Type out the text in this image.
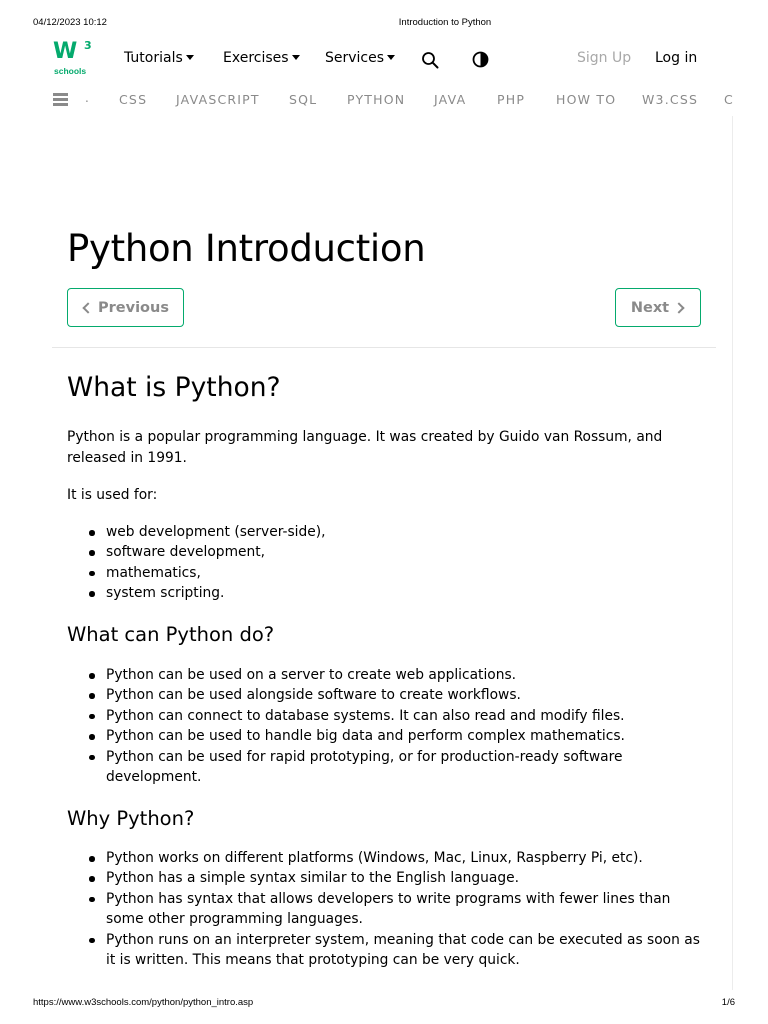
04/12/2023 10:12	Introduction to Python
W 3
schools
Tutorials	Exercises	Services	Sign Up Log in
. CSS JAVASCRIPT SQL PYTHON JAVA PHP HOW TO W3.CSS C
Python Introduction
Previous	Next
What is Python?

Python is a popular programming language. It was created by Guido van Rossum, and released in 1991.

It is used for:

web development (server-side),
software development,
mathematics,
system scripting.
What can Python do?
Python can be used on a server to create web applications.
Python can be used alongside software to create workflows.
Python can connect to database systems. It can also read and modify files.
Python can be used to handle big data and perform complex mathematics.
Python can be used for rapid prototyping, or for production-ready software development.
Why Python?
Python works on different platforms (Windows, Mac, Linux, Raspberry Pi, etc).
Python has a simple syntax similar to the English language.
Python has syntax that allows developers to write programs with fewer lines than some other programming languages.
Python runs on an interpreter system, meaning that code can be executed as soon as it is written. This means that prototyping can be very quick.
https://www.w3schools.com/python/python_intro.asp	1/6
